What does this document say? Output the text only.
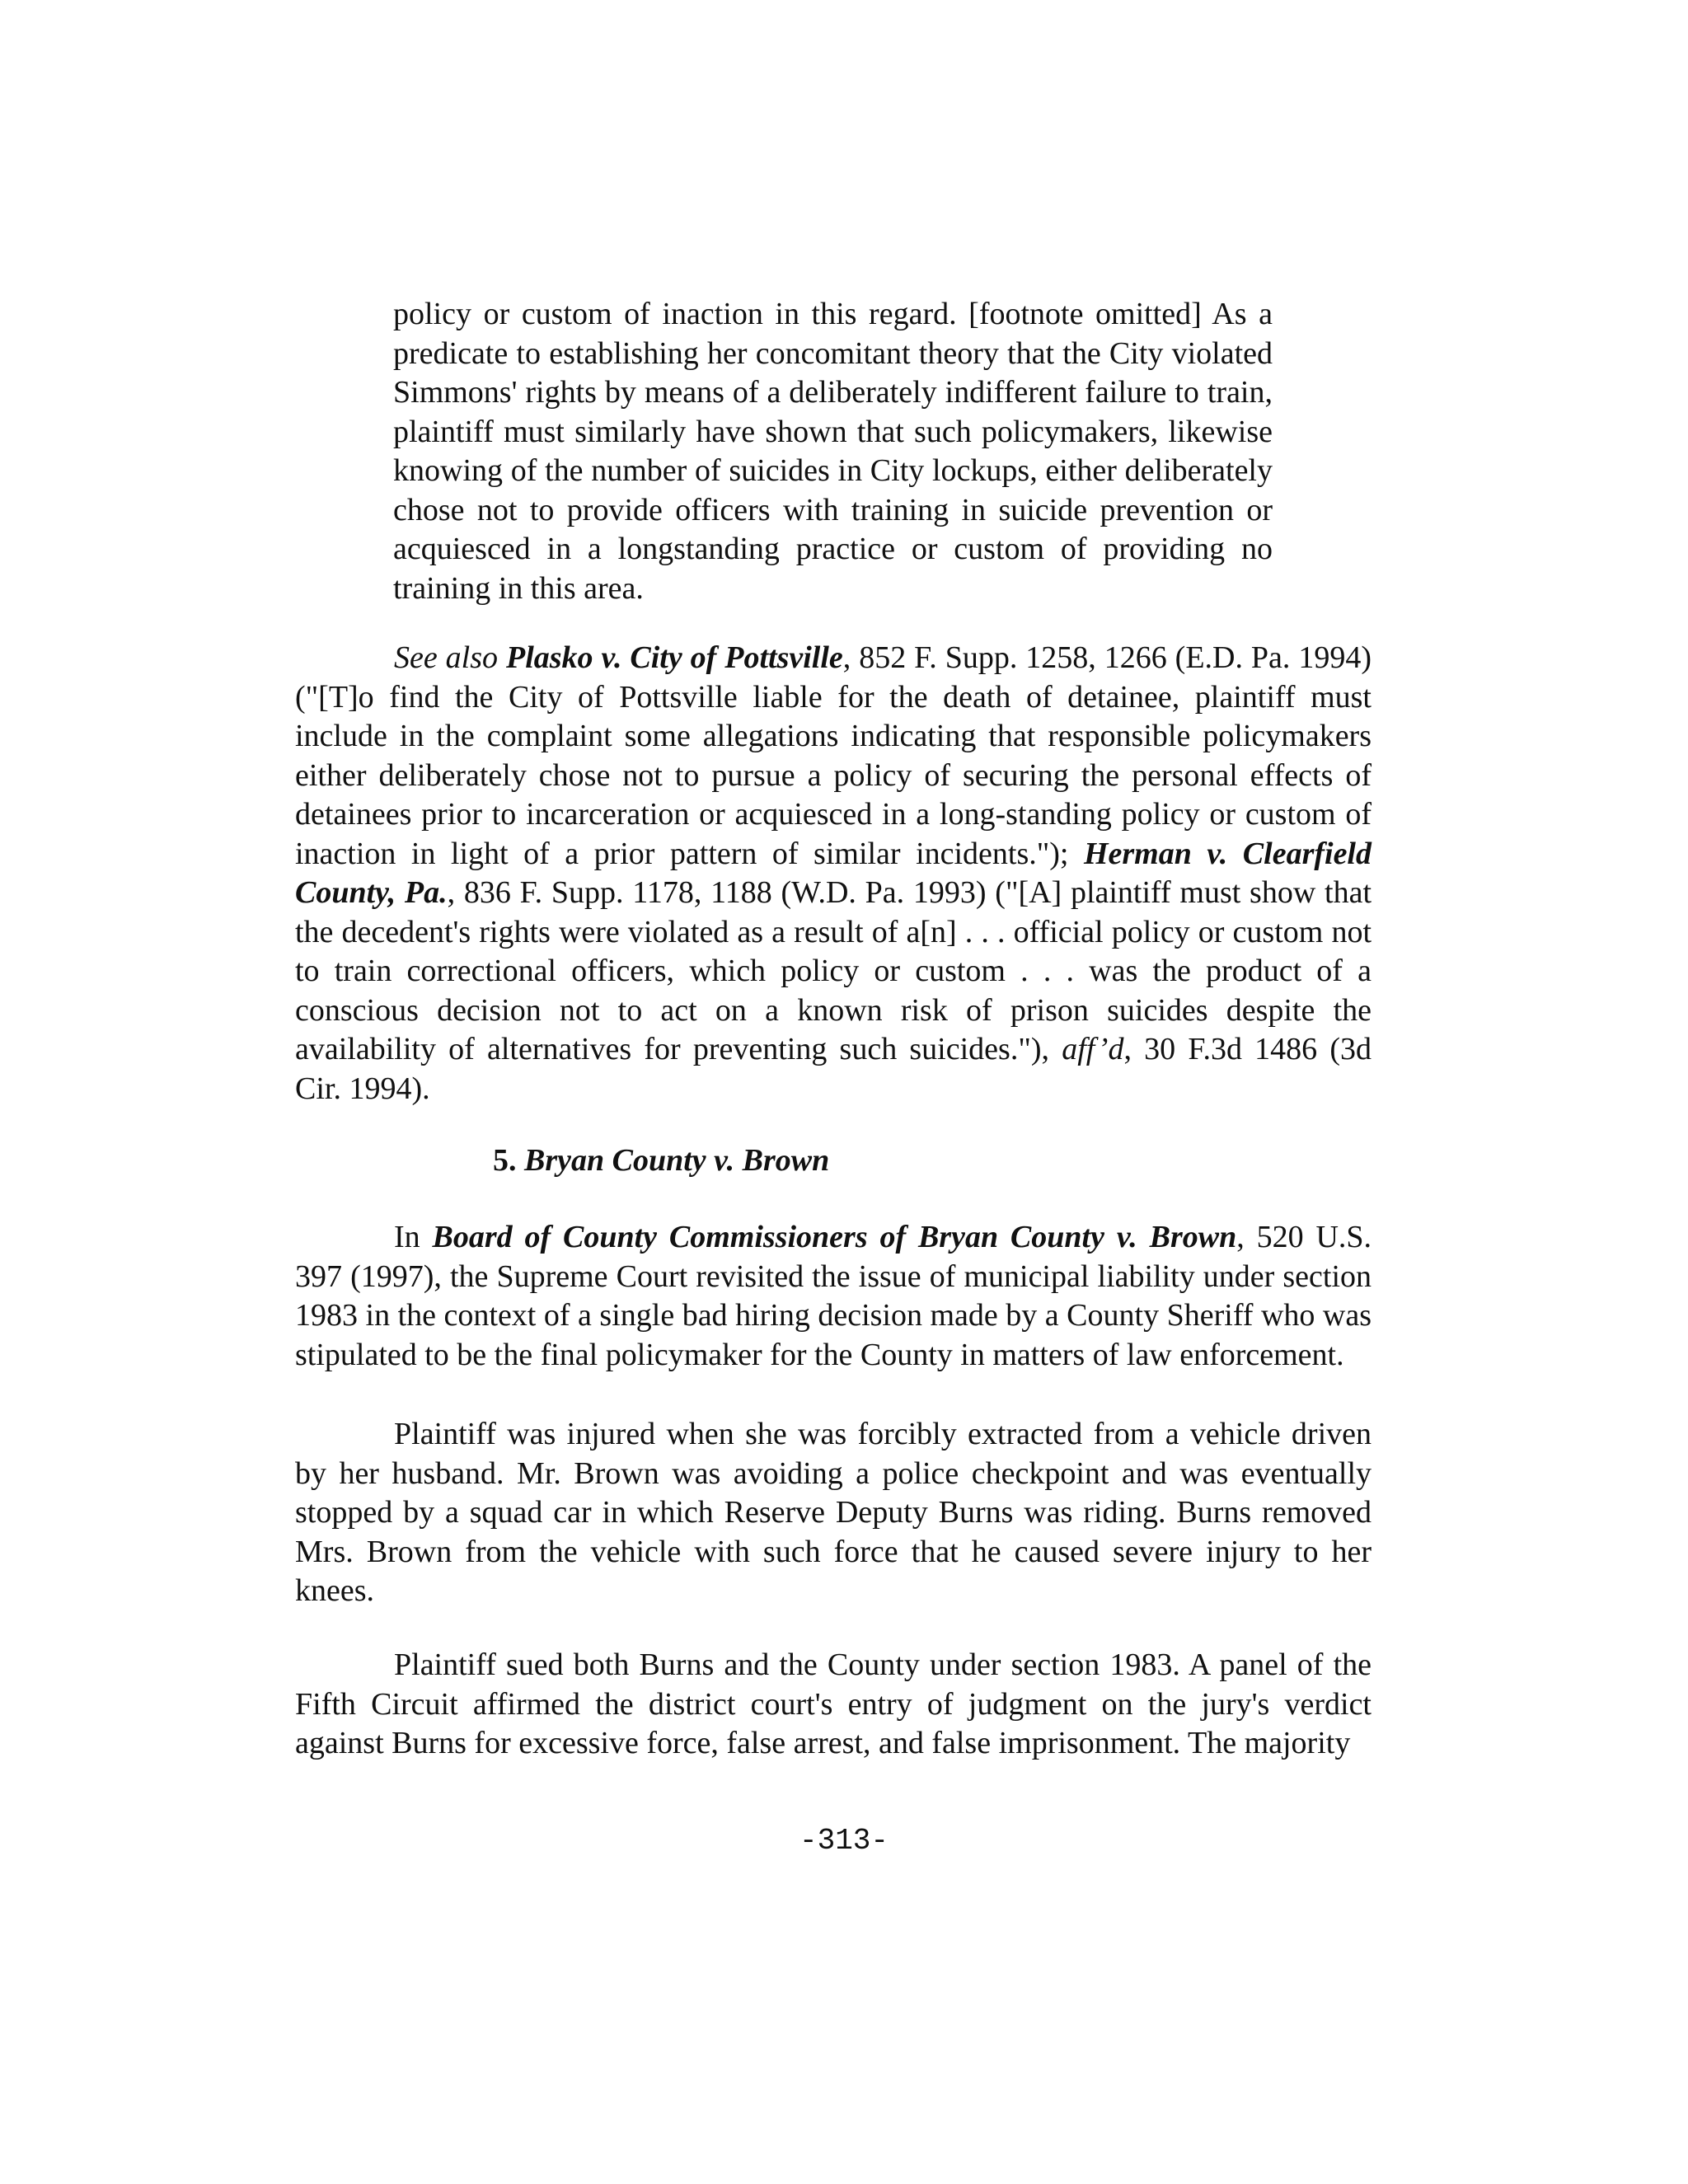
policy or custom of inaction in this regard. [footnote omitted] As a predicate to establishing her concomitant theory that the City violated Simmons' rights by means of a deliberately indifferent failure to train, plaintiff must similarly have shown that such policymakers, likewise knowing of the number of suicides in City lockups, either deliberately chose not to provide officers with training in suicide prevention or acquiesced in a longstanding practice or custom of providing no training in this area.

See also Plasko v. City of Pottsville, 852 F. Supp. 1258, 1266 (E.D. Pa. 1994) ("[T]o find the City of Pottsville liable for the death of detainee, plaintiff must include in the complaint some allegations indicating that responsible policymakers either deliberately chose not to pursue a policy of securing the personal effects of detainees prior to incarceration or acquiesced in a long-standing policy or custom of inaction in light of a prior pattern of similar incidents."); Herman v. Clearfield County, Pa., 836 F. Supp. 1178, 1188 (W.D. Pa. 1993) ("[A] plaintiff must show that the decedent's rights were violated as a result of a[n] . . . official policy or custom not to train correctional officers, which policy or custom . . . was the product of a conscious decision not to act on a known risk of prison suicides despite the availability of alternatives for preventing such suicides."), aff’d, 30 F.3d 1486 (3d Cir. 1994).

5. Bryan County v. Brown

In Board of County Commissioners of Bryan County v. Brown, 520 U.S. 397 (1997), the Supreme Court revisited the issue of municipal liability under section 1983 in the context of a single bad hiring decision made by a County Sheriff who was stipulated to be the final policymaker for the County in matters of law enforcement.

Plaintiff was injured when she was forcibly extracted from a vehicle driven by her husband. Mr. Brown was avoiding a police checkpoint and was eventually stopped by a squad car in which Reserve Deputy Burns was riding. Burns removed Mrs. Brown from the vehicle with such force that he caused severe injury to her knees.

Plaintiff sued both Burns and the County under section 1983. A panel of the Fifth Circuit affirmed the district court's entry of judgment on the jury's verdict against Burns for excessive force, false arrest, and false imprisonment. The majority

-313-
